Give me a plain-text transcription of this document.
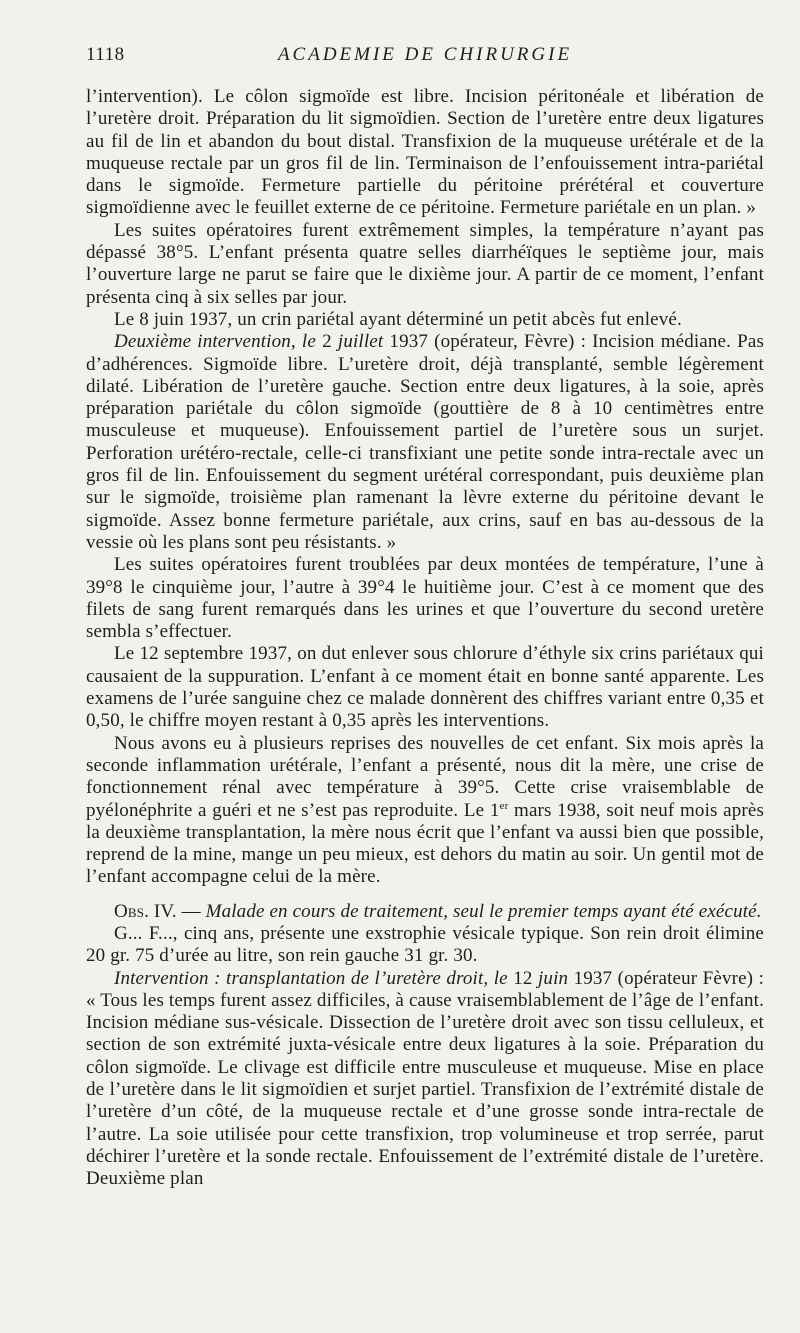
1118	ACADEMIE DE CHIRURGIE

l’intervention). Le côlon sigmoïde est libre. Incision péritonéale et libération de l’uretère droit. Préparation du lit sigmoïdien. Section de l’uretère entre deux ligatures au fil de lin et abandon du bout distal. Transfixion de la muqueuse urétérale et de la muqueuse rectale par un gros fil de lin. Terminaison de l’enfouissement intra-pariétal dans le sigmoïde. Fermeture partielle du péritoine prérétéral et couverture sigmoïdienne avec le feuillet externe de ce péritoine. Fermeture pariétale en un plan. »

Les suites opératoires furent extrêmement simples, la température n’ayant pas dépassé 38°5. L’enfant présenta quatre selles diarrhéïques le septième jour, mais l’ouverture large ne parut se faire que le dixième jour. A partir de ce moment, l’enfant présenta cinq à six selles par jour.

Le 8 juin 1937, un crin pariétal ayant déterminé un petit abcès fut enlevé.

Deuxième intervention, le 2 juillet 1937 (opérateur, Fèvre) : Incision médiane. Pas d’adhérences. Sigmoïde libre. L’uretère droit, déjà transplanté, semble légèrement dilaté. Libération de l’uretère gauche. Section entre deux ligatures, à la soie, après préparation pariétale du côlon sigmoïde (gouttière de 8 à 10 centimètres entre musculeuse et muqueuse). Enfouissement partiel de l’uretère sous un surjet. Perforation urétéro-rectale, celle-ci transfixiant une petite sonde intra-rectale avec un gros fil de lin. Enfouissement du segment urétéral correspondant, puis deuxième plan sur le sigmoïde, troisième plan ramenant la lèvre externe du péritoine devant le sigmoïde. Assez bonne fermeture pariétale, aux crins, sauf en bas au-dessous de la vessie où les plans sont peu résistants. »

Les suites opératoires furent troublées par deux montées de température, l’une à 39°8 le cinquième jour, l’autre à 39°4 le huitième jour. C’est à ce moment que des filets de sang furent remarqués dans les urines et que l’ouverture du second uretère sembla s’effectuer.

Le 12 septembre 1937, on dut enlever sous chlorure d’éthyle six crins pariétaux qui causaient de la suppuration. L’enfant à ce moment était en bonne santé apparente. Les examens de l’urée sanguine chez ce malade donnèrent des chiffres variant entre 0,35 et 0,50, le chiffre moyen restant à 0,35 après les interventions.

Nous avons eu à plusieurs reprises des nouvelles de cet enfant. Six mois après la seconde inflammation urétérale, l’enfant a présenté, nous dit la mère, une crise de fonctionnement rénal avec température à 39°5. Cette crise vraisemblable de pyélonéphrite a guéri et ne s’est pas reproduite. Le 1er mars 1938, soit neuf mois après la deuxième transplantation, la mère nous écrit que l’enfant va aussi bien que possible, reprend de la mine, mange un peu mieux, est dehors du matin au soir. Un gentil mot de l’enfant accompagne celui de la mère.

Obs. IV. — Malade en cours de traitement, seul le premier temps ayant été exécuté.

G... F..., cinq ans, présente une exstrophie vésicale typique. Son rein droit élimine 20 gr. 75 d’urée au litre, son rein gauche 31 gr. 30.

Intervention : transplantation de l’uretère droit, le 12 juin 1937 (opérateur Fèvre) : « Tous les temps furent assez difficiles, à cause vraisemblablement de l’âge de l’enfant. Incision médiane sus-vésicale. Dissection de l’uretère droit avec son tissu celluleux, et section de son extrémité juxta-vésicale entre deux ligatures à la soie. Préparation du côlon sigmoïde. Le clivage est difficile entre musculeuse et muqueuse. Mise en place de l’uretère dans le lit sigmoïdien et surjet partiel. Transfixion de l’extrémité distale de l’uretère d’un côté, de la muqueuse rectale et d’une grosse sonde intra-rectale de l’autre. La soie utilisée pour cette transfixion, trop volumineuse et trop serrée, parut déchirer l’uretère et la sonde rectale. Enfouissement de l’extrémité distale de l’uretère. Deuxième plan
